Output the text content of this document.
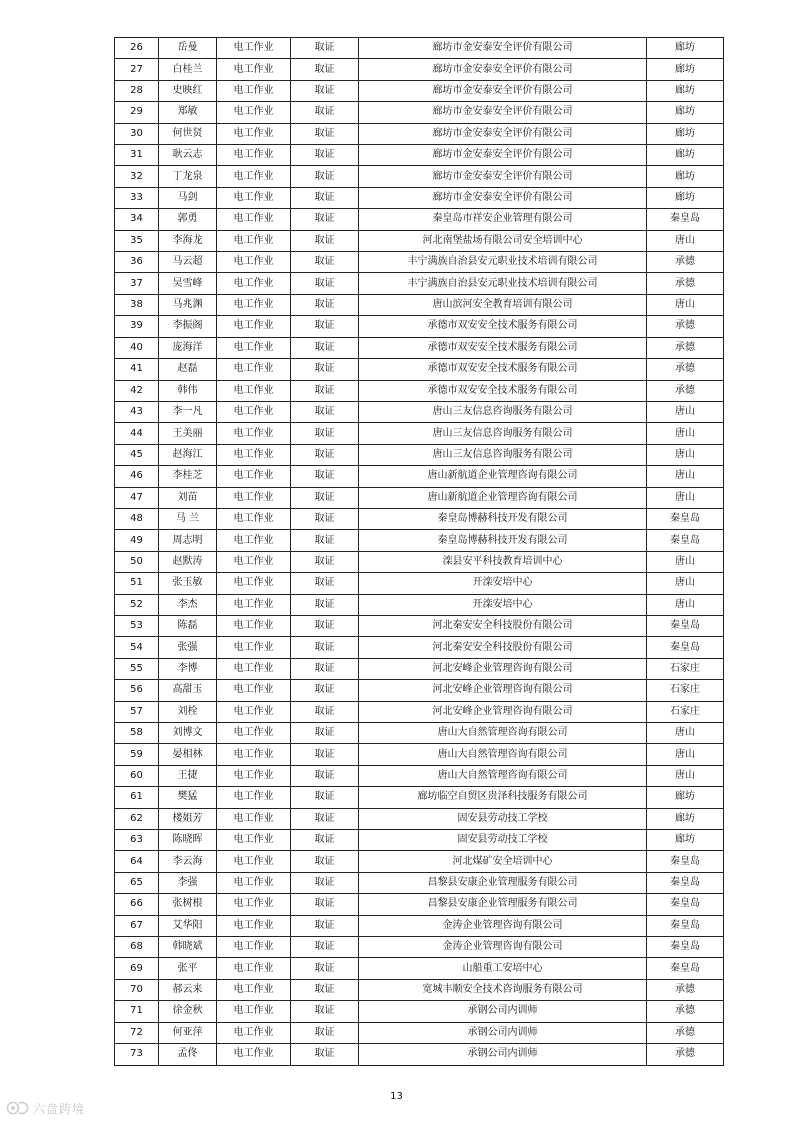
26	岳曼	电工作业	取证	廊坊市金安泰安全评价有限公司	廊坊
27	白桂兰	电工作业	取证	廊坊市金安泰安全评价有限公司	廊坊
28	史映红	电工作业	取证	廊坊市金安泰安全评价有限公司	廊坊
29	郑敏	电工作业	取证	廊坊市金安泰安全评价有限公司	廊坊
30	何世贤	电工作业	取证	廊坊市金安泰安全评价有限公司	廊坊
31	耿云志	电工作业	取证	廊坊市金安泰安全评价有限公司	廊坊
32	丁龙泉	电工作业	取证	廊坊市金安泰安全评价有限公司	廊坊
33	马剑	电工作业	取证	廊坊市金安泰安全评价有限公司	廊坊
34	郭勇	电工作业	取证	秦皇岛市祥安企业管理有限公司	秦皇岛
35	李海龙	电工作业	取证	河北南堡盐场有限公司安全培训中心	唐山
36	马云超	电工作业	取证	丰宁满族自治县安元职业技术培训有限公司	承德
37	吴雪峰	电工作业	取证	丰宁满族自治县安元职业技术培训有限公司	承德
38	马兆渊	电工作业	取证	唐山滨河安全教育培训有限公司	唐山
39	李振阁	电工作业	取证	承德市双安安全技术服务有限公司	承德
40	庞海洋	电工作业	取证	承德市双安安全技术服务有限公司	承德
41	赵磊	电工作业	取证	承德市双安安全技术服务有限公司	承德
42	韩伟	电工作业	取证	承德市双安安全技术服务有限公司	承德
43	李一凡	电工作业	取证	唐山三友信息咨询服务有限公司	唐山
44	王美丽	电工作业	取证	唐山三友信息咨询服务有限公司	唐山
45	赵海江	电工作业	取证	唐山三友信息咨询服务有限公司	唐山
46	李桂芝	电工作业	取证	唐山新航道企业管理咨询有限公司	唐山
47	刘苗	电工作业	取证	唐山新航道企业管理咨询有限公司	唐山
48	马 兰	电工作业	取证	秦皇岛博赫科技开发有限公司	秦皇岛
49	周志明	电工作业	取证	秦皇岛博赫科技开发有限公司	秦皇岛
50	赵默涛	电工作业	取证	滦县安平科技教育培训中心	唐山
51	张玉敏	电工作业	取证	开滦安培中心	唐山
52	李杰	电工作业	取证	开滦安培中心	唐山
53	陈磊	电工作业	取证	河北秦安安全科技股份有限公司	秦皇岛
54	张强	电工作业	取证	河北秦安安全科技股份有限公司	秦皇岛
55	李博	电工作业	取证	河北安峰企业管理咨询有限公司	石家庄
56	高甜玉	电工作业	取证	河北安峰企业管理咨询有限公司	石家庄
57	刘栓	电工作业	取证	河北安峰企业管理咨询有限公司	石家庄
58	刘博文	电工作业	取证	唐山大自然管理咨询有限公司	唐山
59	晏相林	电工作业	取证	唐山大自然管理咨询有限公司	唐山
60	王捷	电工作业	取证	唐山大自然管理咨询有限公司	唐山
61	樊猛	电工作业	取证	廊坊临空自贸区贵泽科技服务有限公司	廊坊
62	楼姐芳	电工作业	取证	固安县劳动技工学校	廊坊
63	陈晓晖	电工作业	取证	固安县劳动技工学校	廊坊
64	李云海	电工作业	取证	河北煤矿安全培训中心	秦皇岛
65	李强	电工作业	取证	昌黎县安康企业管理服务有限公司	秦皇岛
66	张树根	电工作业	取证	昌黎县安康企业管理服务有限公司	秦皇岛
67	艾华阳	电工作业	取证	金涛企业管理咨询有限公司	秦皇岛
68	韩晓斌	电工作业	取证	金涛企业管理咨询有限公司	秦皇岛
69	张平	电工作业	取证	山船重工安培中心	秦皇岛
70	郝云来	电工作业	取证	宽城丰顺安全技术咨询服务有限公司	承德
71	徐金秋	电工作业	取证	承钢公司内训师	承德
72	何亚萍	电工作业	取证	承钢公司内训师	承德
73	孟佟	电工作业	取证	承钢公司内训师	承德
13
六盘跨境
